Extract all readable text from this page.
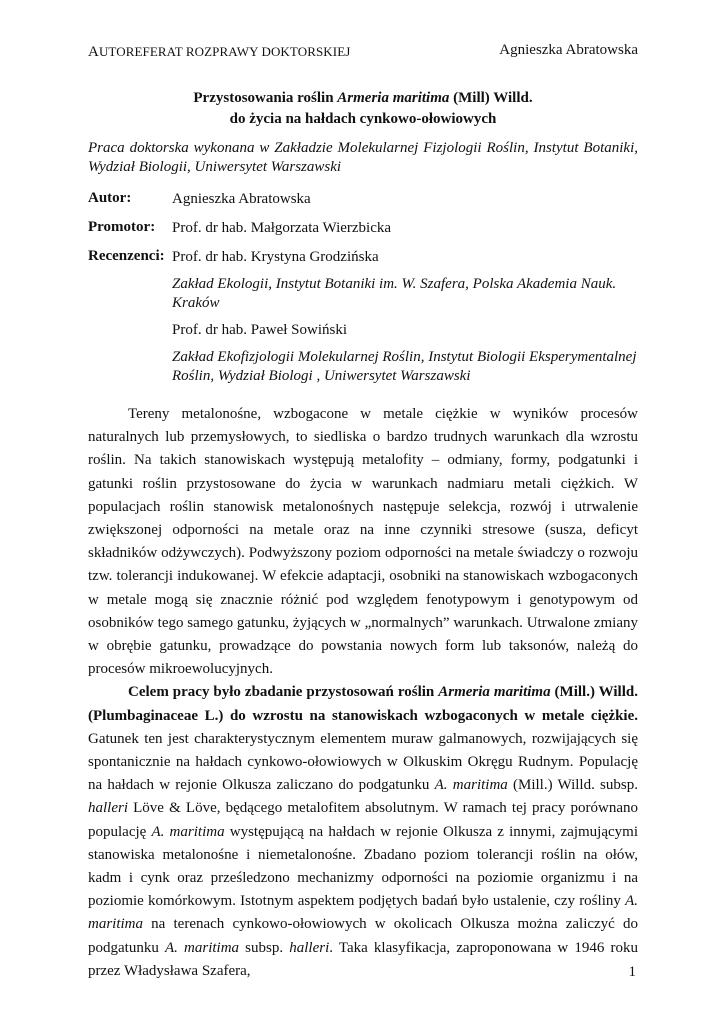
AUTOREFERAT ROZPRAWY DOKTORSKIEJ	Agnieszka Abratowska
Przystosowania roślin Armeria maritima (Mill) Willd.
do życia na hałdach cynkowo-ołowiowych
Praca doktorska wykonana w Zakładzie Molekularnej Fizjologii Roślin, Instytut Botaniki, Wydział Biologii, Uniwersytet Warszawski
Autor:	Agnieszka Abratowska
Promotor: Prof. dr hab. Małgorzata Wierzbicka
Recenzenci: Prof. dr hab. Krystyna Grodzińska
Zakład Ekologii, Instytut Botaniki im. W. Szafera, Polska Akademia Nauk. Kraków
Prof. dr hab. Paweł Sowiński
Zakład Ekofizjologii Molekularnej Roślin, Instytut Biologii Eksperymentalnej Roślin, Wydział Biologi , Uniwersytet Warszawski

Tereny metalonośne, wzbogacone w metale ciężkie w wyników procesów naturalnych lub przemysłowych, to siedliska o bardzo trudnych warunkach dla wzrostu roślin. Na takich stanowiskach występują metalofity – odmiany, formy, podgatunki i gatunki roślin przystosowane do życia w warunkach nadmiaru metali ciężkich. W populacjach roślin stanowisk metalonośnych następuje selekcja, rozwój i utrwalenie zwiększonej odporności na metale oraz na inne czynniki stresowe (susza, deficyt składników odżywczych). Podwyższony poziom odporności na metale świadczy o rozwoju tzw. tolerancji indukowanej. W efekcie adaptacji, osobniki na stanowiskach wzbogaconych w metale mogą się znacznie różnić pod względem fenotypowym i genotypowym od osobników tego samego gatunku, żyjących w „normalnych” warunkach. Utrwalone zmiany w obrębie gatunku, prowadzące do powstania nowych form lub taksonów, należą do procesów mikroewolucyjnych.

Celem pracy było zbadanie przystosowań roślin Armeria maritima (Mill.) Willd. (Plumbaginaceae L.) do wzrostu na stanowiskach wzbogaconych w metale ciężkie. Gatunek ten jest charakterystycznym elementem muraw galmanowych, rozwijających się spontanicznie na hałdach cynkowo-ołowiowych w Olkuskim Okręgu Rudnym. Populację na hałdach w rejonie Olkusza zaliczano do podgatunku A. maritima (Mill.) Willd. subsp. halleri Löve & Löve, będącego metalofitem absolutnym. W ramach tej pracy porównano populację A. maritima występującą na hałdach w rejonie Olkusza z innymi, zajmującymi stanowiska metalonośne i niemetalonośne. Zbadano poziom tolerancji roślin na ołów, kadm i cynk oraz prześledzono mechanizmy odporności na poziomie organizmu i na poziomie komórkowym. Istotnym aspektem podjętych badań było ustalenie, czy rośliny A. maritima na terenach cynkowo-ołowiowych w okolicach Olkusza można zaliczyć do podgatunku A. maritima subsp. halleri. Taka klasyfikacja, zaproponowana w 1946 roku przez Władysława Szafera,	1
